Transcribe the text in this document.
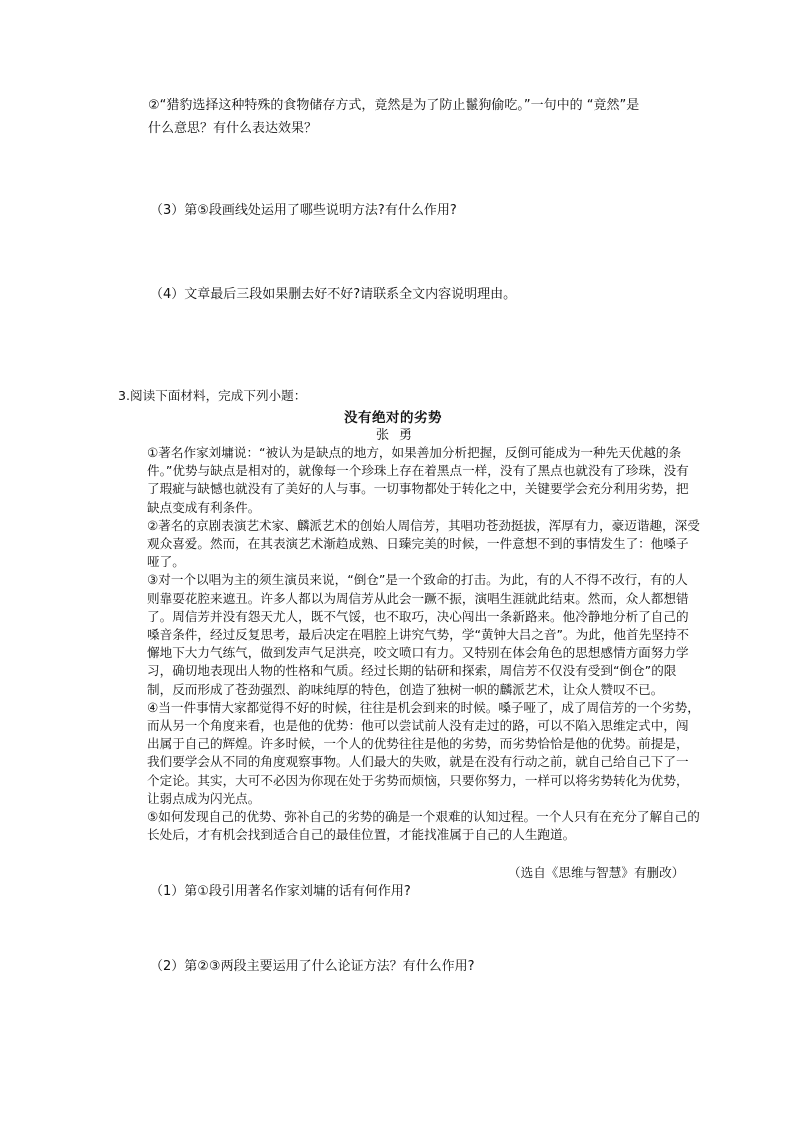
②“猎豹选择这种特殊的食物储存方式，竟然是为了防止鬣狗偷吃。”一句中的 “竟然”是
什么意思？有什么表达效果？
（3）第⑤段画线处运用了哪些说明方法?有什么作用?
（4）文章最后三段如果删去好不好?请联系全文内容说明理由。
3.阅读下面材料，完成下列小题：
没有绝对的劣势
张勇

①著名作家刘墉说：“被认为是缺点的地方，如果善加分析把握，反倒可能成为一种先天优越的条件。”优势与缺点是相对的，就像每一个珍珠上存在着黑点一样，没有了黑点也就没有了珍珠，没有了瑕疵与缺憾也就没有了美好的人与事。一切事物都处于转化之中，关键要学会充分利用劣势，把缺点变成有利条件。

②著名的京剧表演艺术家、麟派艺术的创始人周信芳，其唱功苍劲挺拔，浑厚有力，豪迈谐趣，深受观众喜爱。然而，在其表演艺术渐趋成熟、日臻完美的时候，一件意想不到的事情发生了：他嗓子哑了。

③对一个以唱为主的须生演员来说，“倒仓”是一个致命的打击。为此，有的人不得不改行，有的人则靠耍花腔来遮丑。许多人都以为周信芳从此会一蹶不振，演唱生涯就此结束。然而，众人都想错了。周信芳并没有怨天尤人，既不气馁，也不取巧，决心闯出一条新路来。他冷静地分析了自己的嗓音条件，经过反复思考，最后决定在唱腔上讲究气势，学“黄钟大吕之音”。为此，他首先坚持不懈地下大力气练气，做到发声气足洪亮，咬文喷口有力。又特别在体会角色的思想感情方面努力学习，确切地表现出人物的性格和气质。经过长期的钻研和探索，周信芳不仅没有受到“倒仓”的限制，反而形成了苍劲强烈、韵味纯厚的特色，创造了独树一帜的麟派艺术，让众人赞叹不已。

④当一件事情大家都觉得不好的时候，往往是机会到来的时候。嗓子哑了，成了周信芳的一个劣势，而从另一个角度来看，也是他的优势：他可以尝试前人没有走过的路，可以不陷入思维定式中，闯出属于自己的辉煌。许多时候，一个人的优势往往是他的劣势，而劣势恰恰是他的优势。前提是，我们要学会从不同的角度观察事物。人们最大的失败，就是在没有行动之前，就自己给自己下了一个定论。其实，大可不必因为你现在处于劣势而烦恼，只要你努力，一样可以将劣势转化为优势，让弱点成为闪光点。

⑤如何发现自己的优势、弥补自己的劣势的确是一个艰难的认知过程。一个人只有在充分了解自己的长处后，才有机会找到适合自己的最佳位置，才能找准属于自己的人生跑道。

（选自《思维与智慧》有删改）
（1）第①段引用著名作家刘墉的话有何作用?
（2）第②③两段主要运用了什么论证方法？有什么作用?
